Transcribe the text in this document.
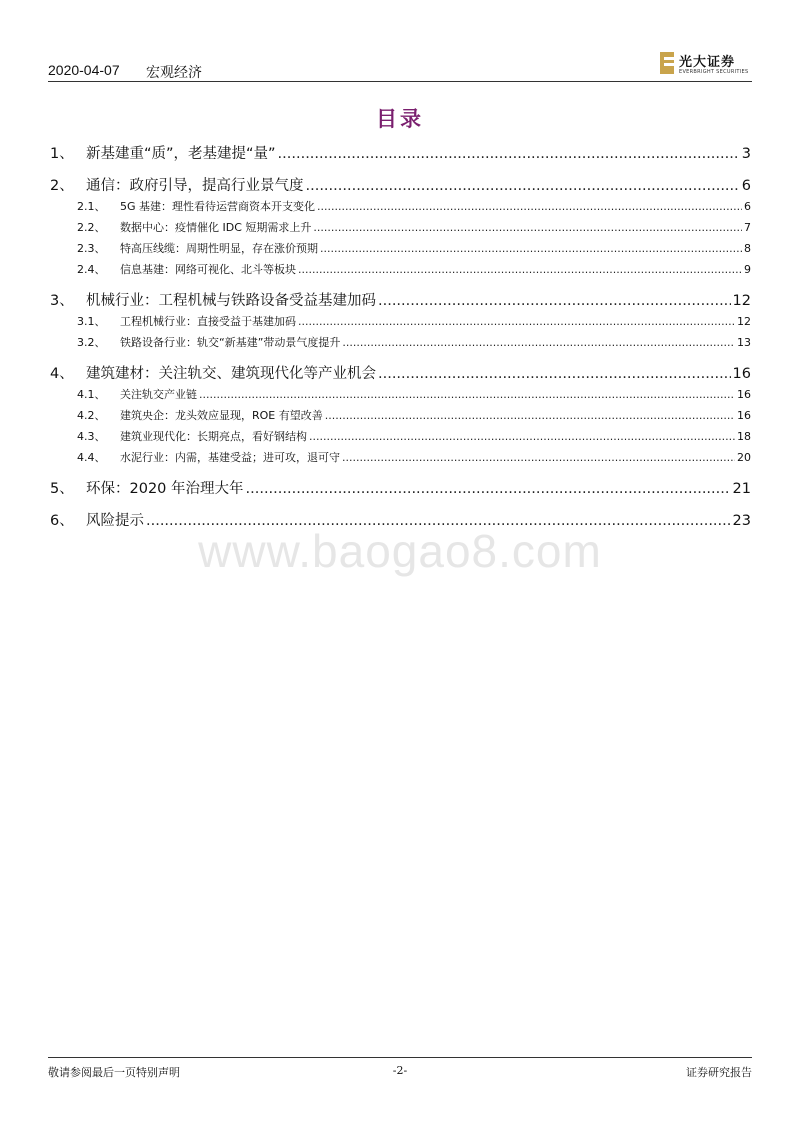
2020-04-07 宏观经济
光大证券
EVERBRIGHT SECURITIES
目录
1、 新基建重“质”，老基建提“量” .....	3
2、 通信：政府引导，提高行业景气度 .....	6
2.1、	5G 基建：理性看待运营商资本开支变化 .....	6
2.2、	数据中心：疫情催化 IDC 短期需求上升 .....	7
2.3、	特高压线缆：周期性明显，存在涨价预期 .....	8
2.4、	信息基建：网络可视化、北斗等板块 .....	9
3、 机械行业：工程机械与铁路设备受益基建加码 .....	12
3.1、	工程机械行业：直接受益于基建加码 .....	12
3.2、	铁路设备行业：轨交“新基建”带动景气度提升 .....	13
4、 建筑建材：关注轨交、建筑现代化等产业机会 .....	16
4.1、	关注轨交产业链 .....	16
4.2、	建筑央企：龙头效应显现，ROE 有望改善 .....	16
4.3、	建筑业现代化：长期亮点，看好钢结构 .....	18
4.4、	水泥行业：内需，基建受益；进可攻，退可守 .....	20
5、 环保：2020 年治理大年 .....	21
6、 风险提示 .....	23
www.baogao8.com
敬请参阅最后一页特别声明	-2-	证券研究报告
